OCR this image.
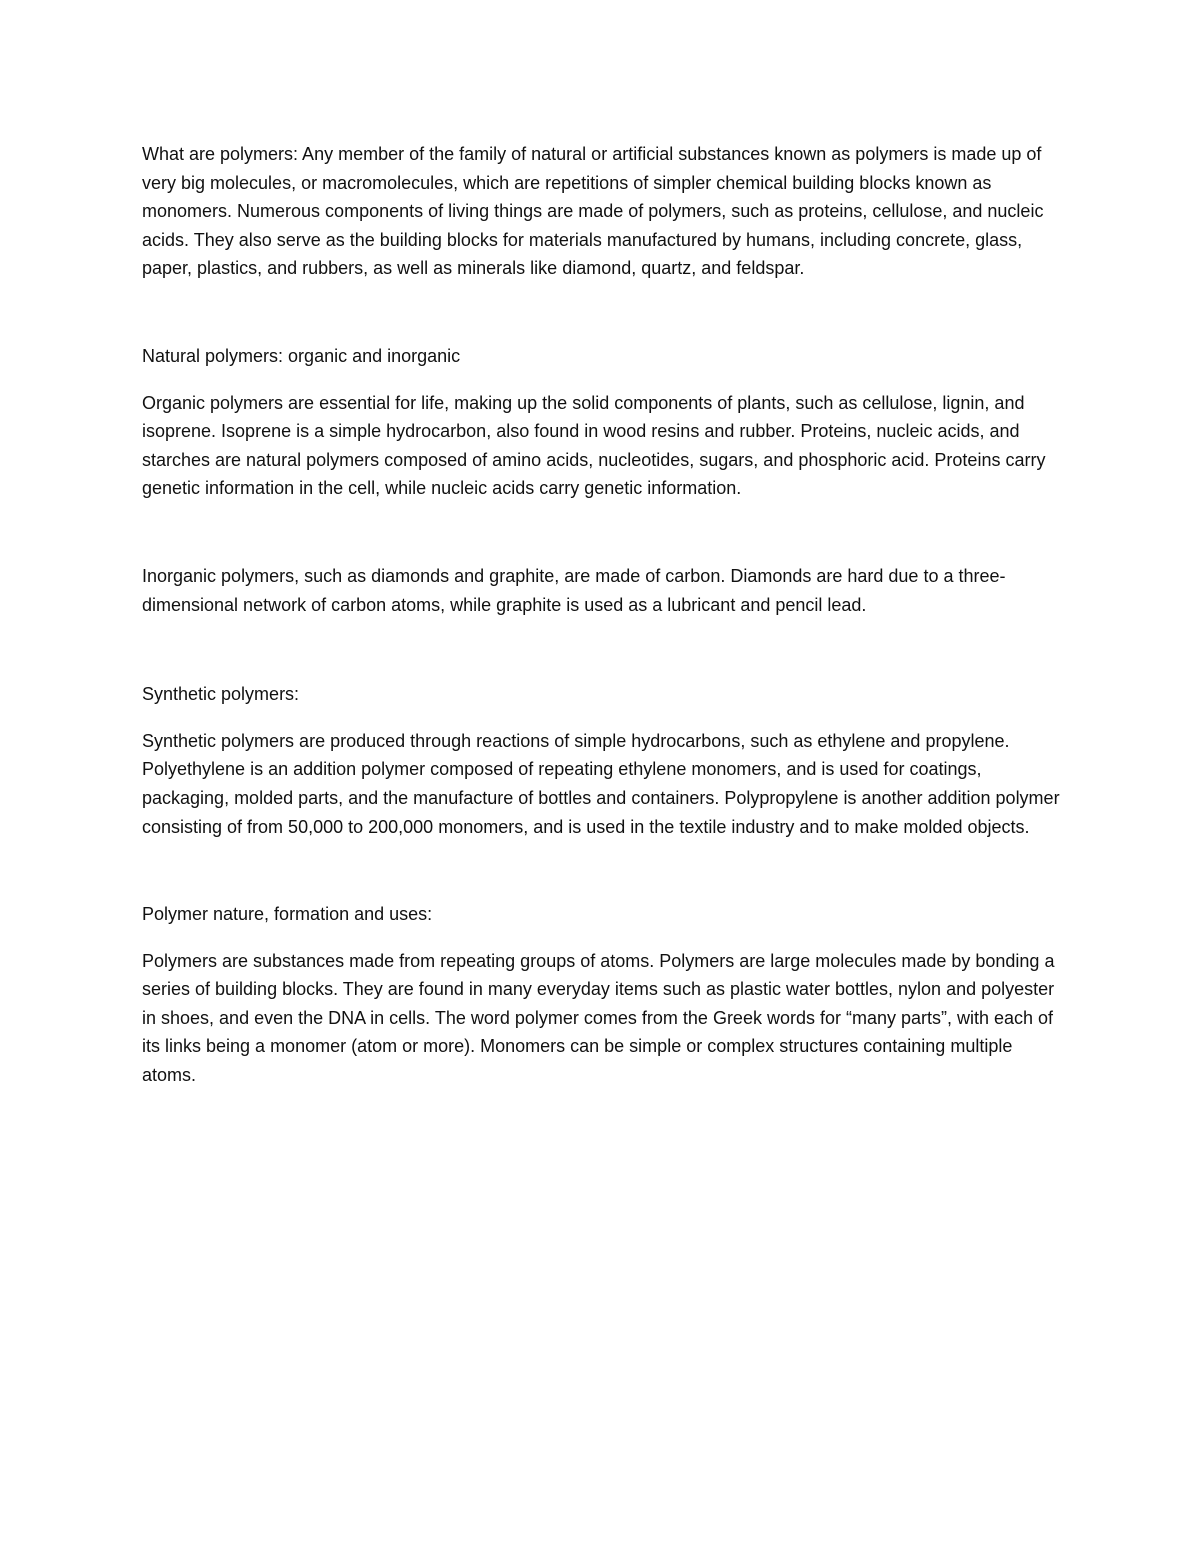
What are polymers: Any member of the family of natural or artificial substances known as polymers is made up of very big molecules, or macromolecules, which are repetitions of simpler chemical building blocks known as monomers. Numerous components of living things are made of polymers, such as proteins, cellulose, and nucleic acids. They also serve as the building blocks for materials manufactured by humans, including concrete, glass, paper, plastics, and rubbers, as well as minerals like diamond, quartz, and feldspar.

Natural polymers: organic and inorganic

Organic polymers are essential for life, making up the solid components of plants, such as cellulose, lignin, and isoprene. Isoprene is a simple hydrocarbon, also found in wood resins and rubber. Proteins, nucleic acids, and starches are natural polymers composed of amino acids, nucleotides, sugars, and phosphoric acid. Proteins carry genetic information in the cell, while nucleic acids carry genetic information.

Inorganic polymers, such as diamonds and graphite, are made of carbon. Diamonds are hard due to a three-dimensional network of carbon atoms, while graphite is used as a lubricant and pencil lead.

Synthetic polymers:

Synthetic polymers are produced through reactions of simple hydrocarbons, such as ethylene and propylene. Polyethylene is an addition polymer composed of repeating ethylene monomers, and is used for coatings, packaging, molded parts, and the manufacture of bottles and containers. Polypropylene is another addition polymer consisting of from 50,000 to 200,000 monomers, and is used in the textile industry and to make molded objects.

Polymer nature, formation and uses:

Polymers are substances made from repeating groups of atoms. Polymers are large molecules made by bonding a series of building blocks. They are found in many everyday items such as plastic water bottles, nylon and polyester in shoes, and even the DNA in cells. The word polymer comes from the Greek words for “many parts”, with each of its links being a monomer (atom or more). Monomers can be simple or complex structures containing multiple atoms.
